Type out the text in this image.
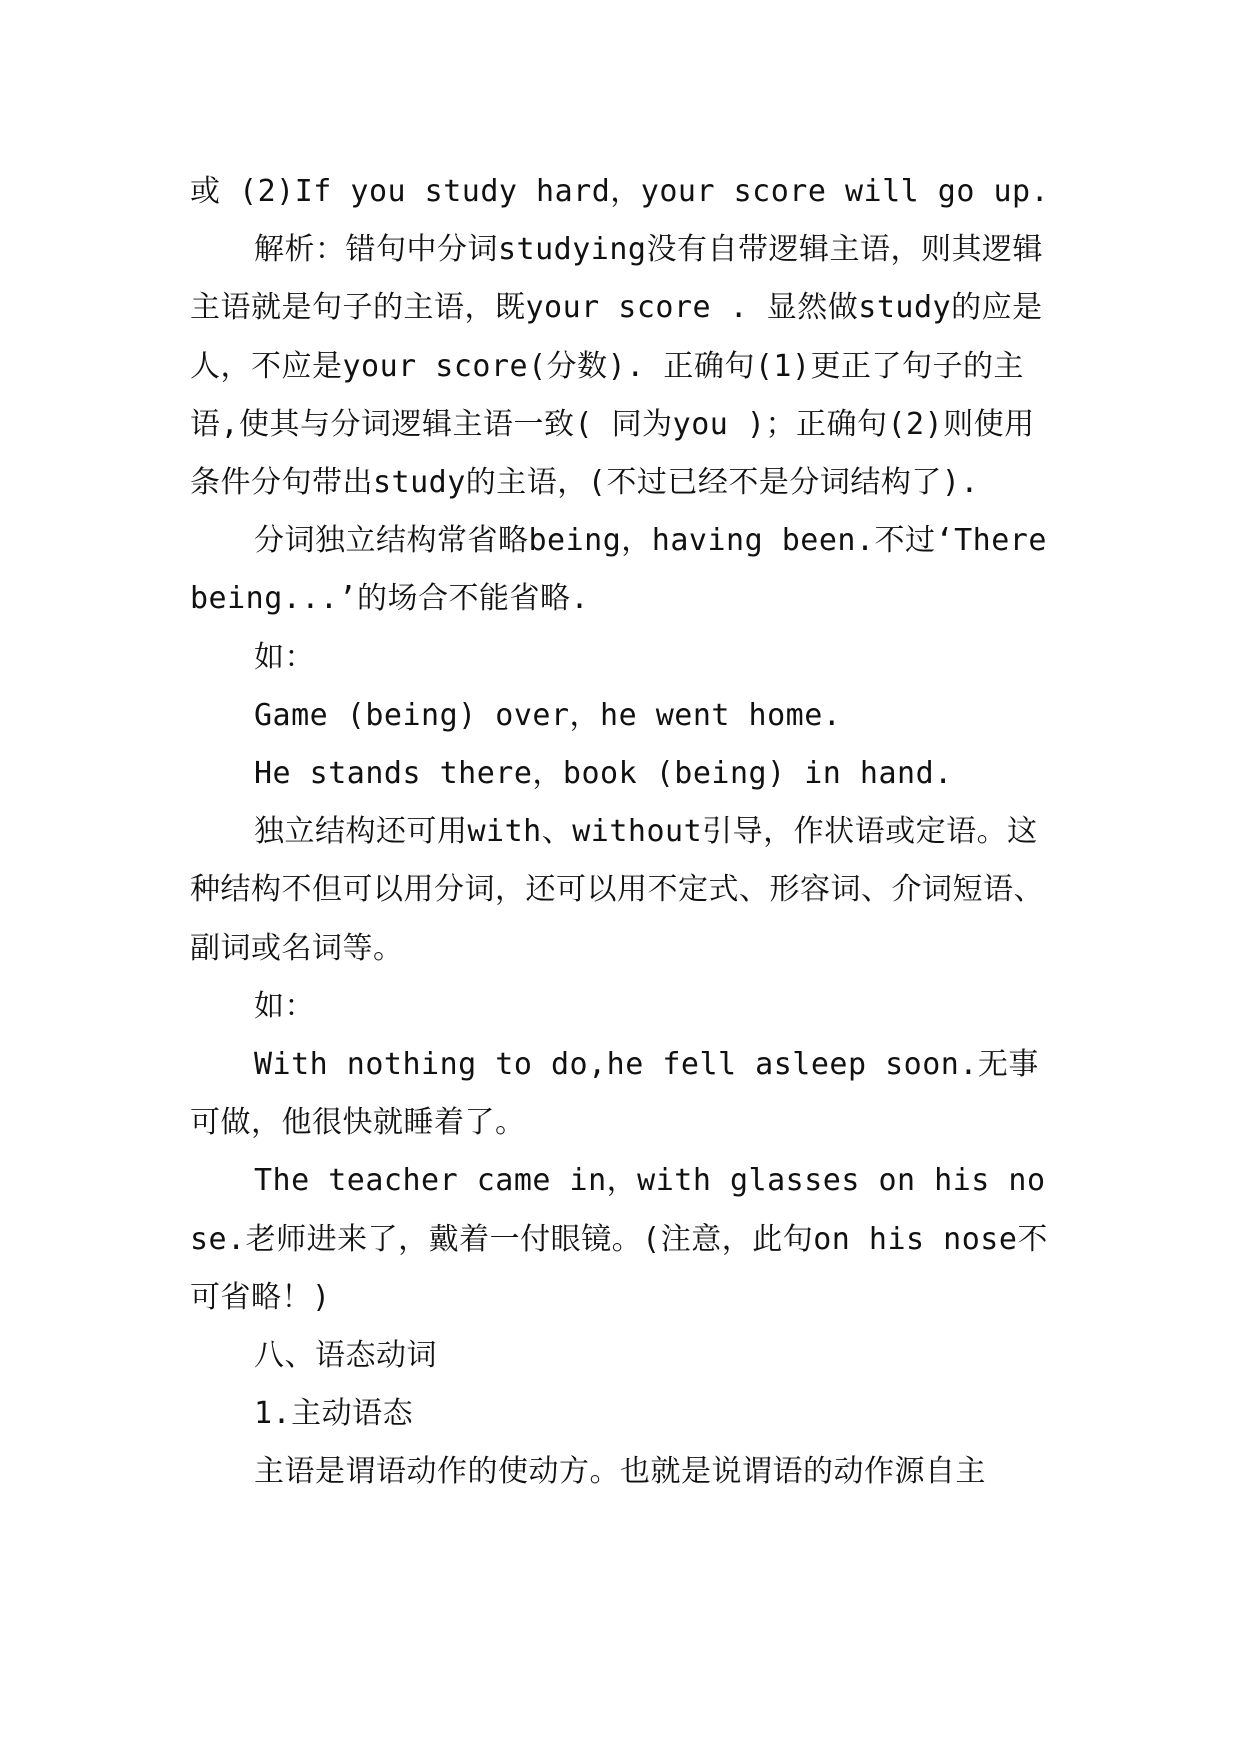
或 (2)If you study hard，your score will go up.

解析：错句中分词studying没有自带逻辑主语，则其逻辑主语就是句子的主语，既your score . 显然做study的应是人，不应是your score(分数). 正确句(1)更正了句子的主语,使其与分词逻辑主语一致( 同为you )；正确句(2)则使用条件分句带出study的主语，(不过已经不是分词结构了).

分词独立结构常省略being，having been.不过‘There being...’的场合不能省略.

如：

Game (being) over，he went home.

He stands there，book (being) in hand.

独立结构还可用with、without引导，作状语或定语。这种结构不但可以用分词，还可以用不定式、形容词、介词短语、副词或名词等。

如：

With nothing to do,he fell asleep soon.无事可做，他很快就睡着了。

The teacher came in，with glasses on his nose.老师进来了，戴着一付眼镜。(注意，此句on his nose不可省略！)

八、语态动词

1.主动语态

主语是谓语动作的使动方。也就是说谓语的动作源自主
